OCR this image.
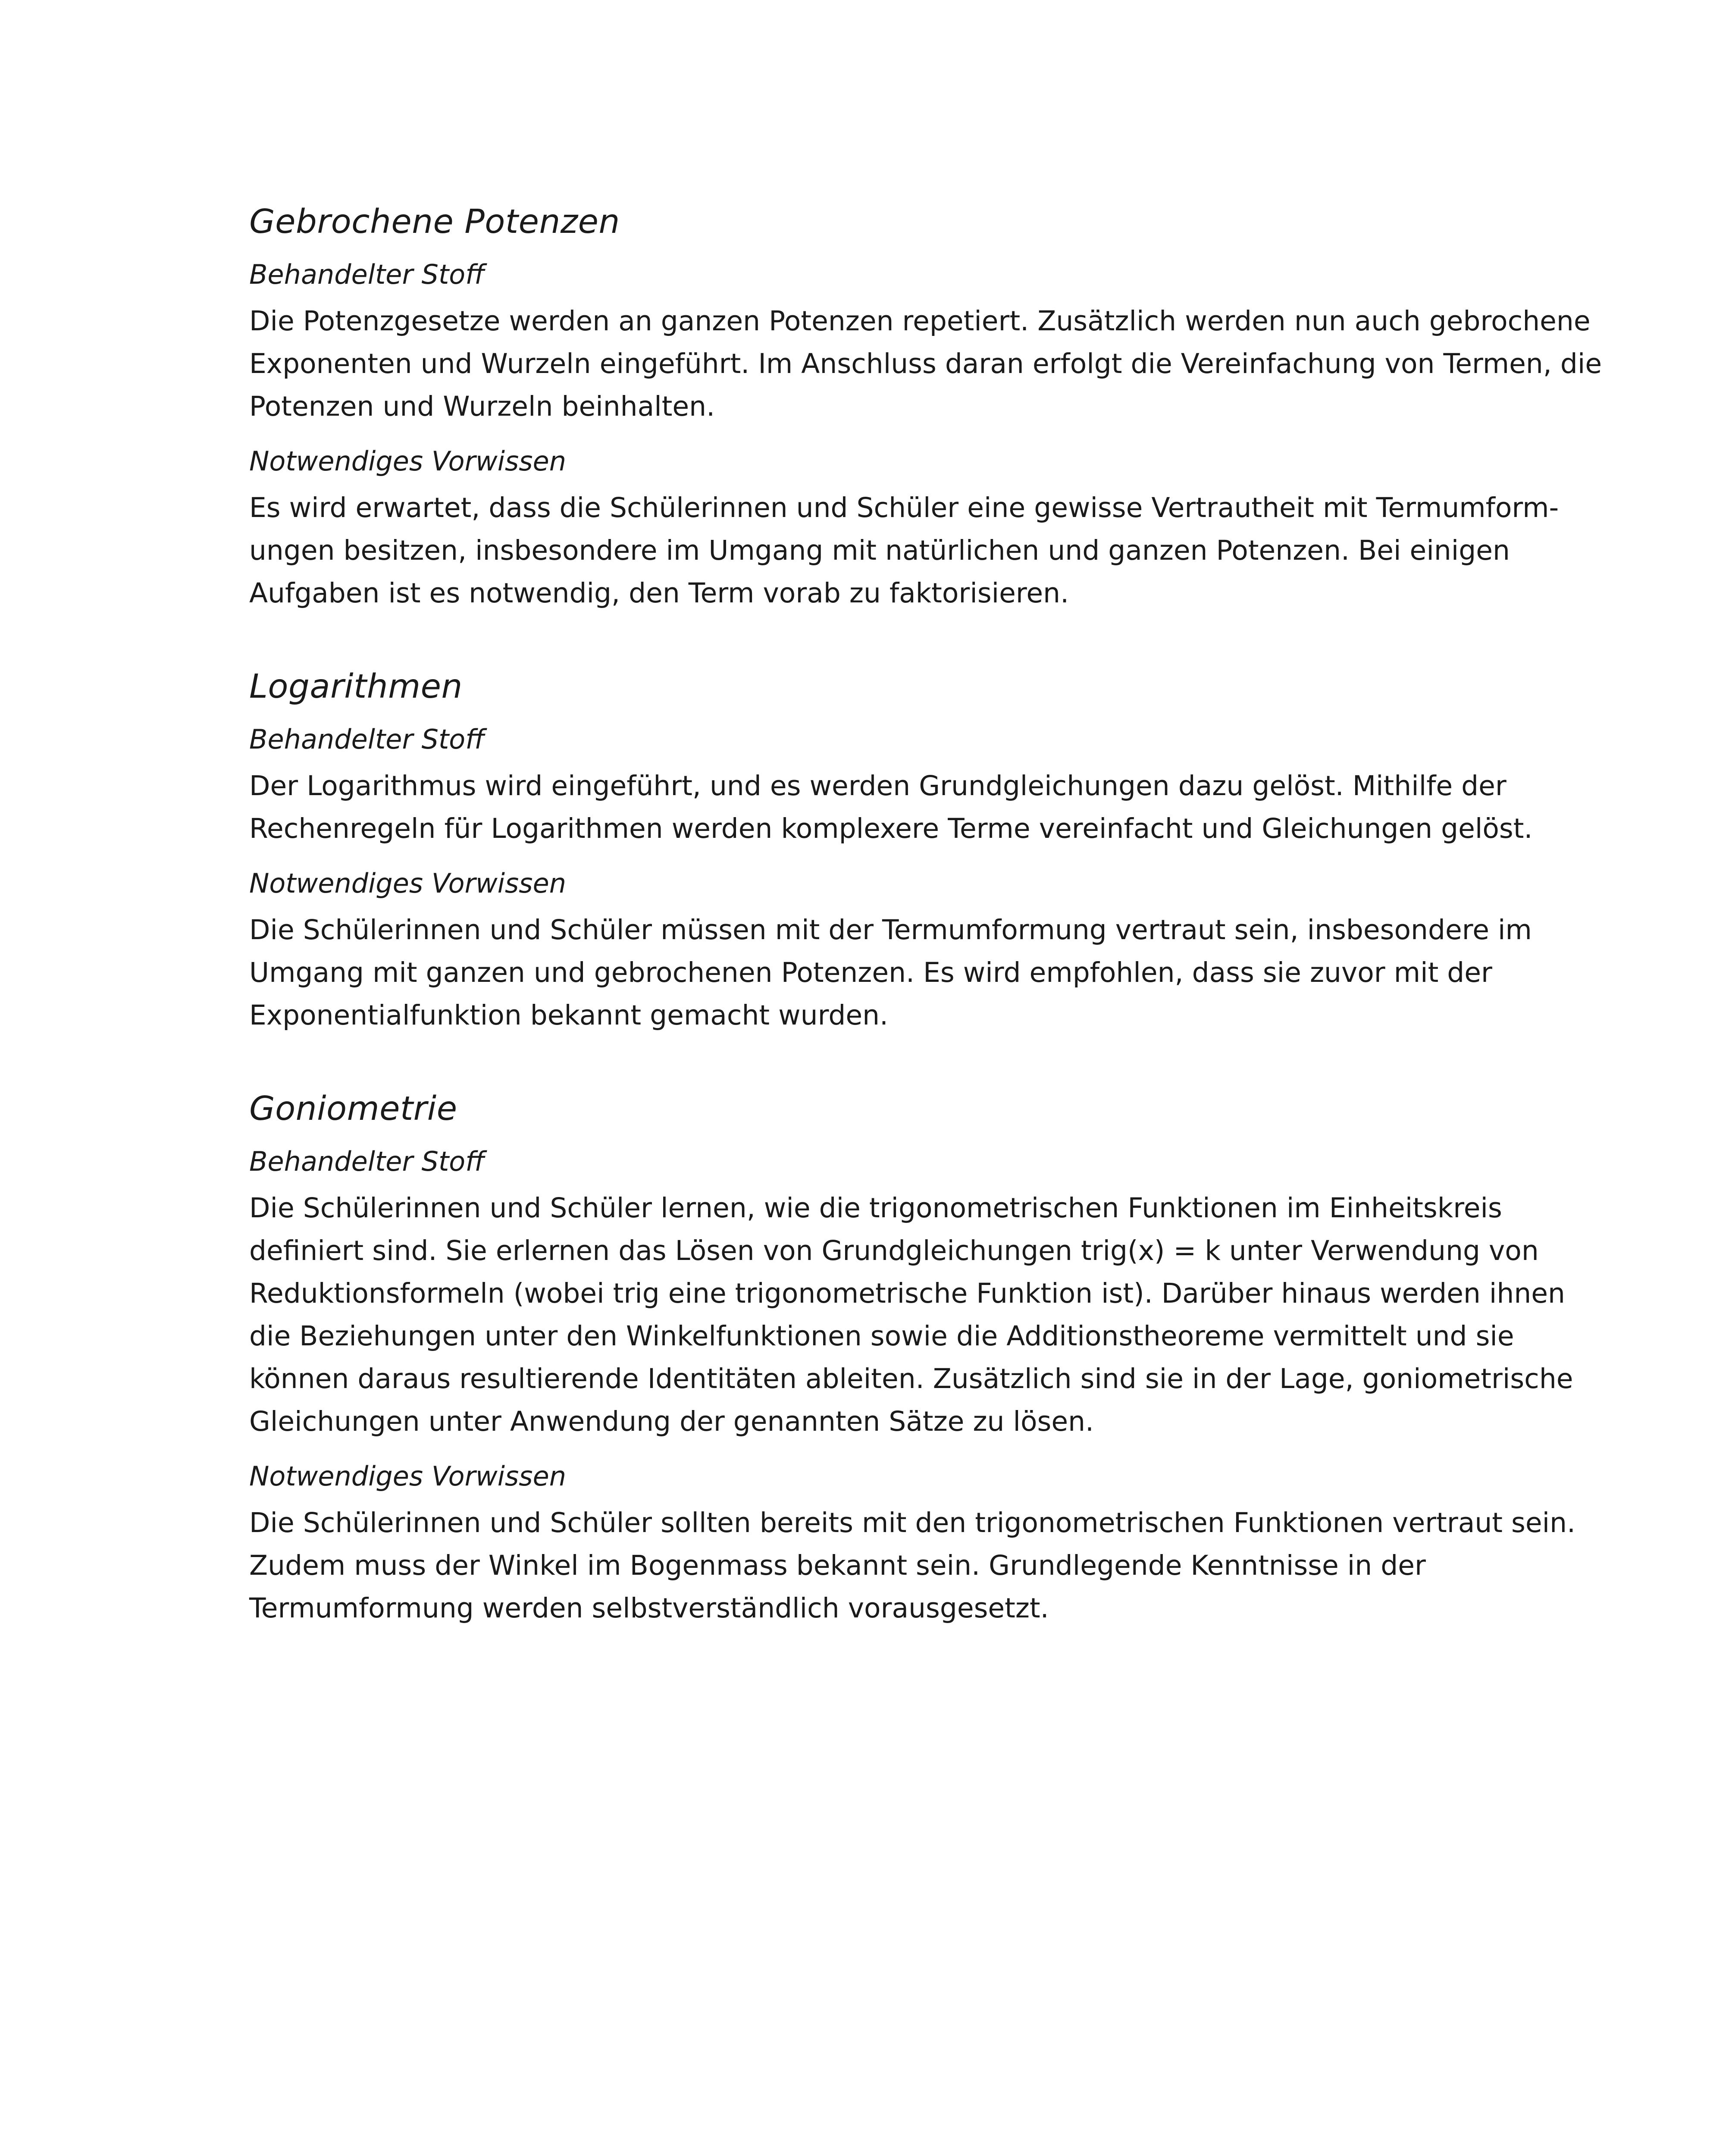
Gebrochene Potenzen
Behandelter Stoff

Die Potenzgesetze werden an ganzen Potenzen repetiert. Zusätzlich werden nun auch gebrochene
Exponenten und Wurzeln eingeführt. Im Anschluss daran erfolgt die Vereinfachung von Termen, die
Potenzen und Wurzeln beinhalten.

Notwendiges Vorwissen

Es wird erwartet, dass die Schülerinnen und Schüler eine gewisse Vertrautheit mit Termumform-
ungen besitzen, insbesondere im Umgang mit natürlichen und ganzen Potenzen. Bei einigen
Aufgaben ist es notwendig, den Term vorab zu faktorisieren.

Logarithmen
Behandelter Stoff

Der Logarithmus wird eingeführt, und es werden Grundgleichungen dazu gelöst. Mithilfe der
Rechenregeln für Logarithmen werden komplexere Terme vereinfacht und Gleichungen gelöst.

Notwendiges Vorwissen

Die Schülerinnen und Schüler müssen mit der Termumformung vertraut sein, insbesondere im
Umgang mit ganzen und gebrochenen Potenzen. Es wird empfohlen, dass sie zuvor mit der
Exponentialfunktion bekannt gemacht wurden.

Goniometrie
Behandelter Stoff

Die Schülerinnen und Schüler lernen, wie die trigonometrischen Funktionen im Einheitskreis
definiert sind. Sie erlernen das Lösen von Grundgleichungen trig(x) = k unter Verwendung von
Reduktionsformeln (wobei trig eine trigonometrische Funktion ist). Darüber hinaus werden ihnen
die Beziehungen unter den Winkelfunktionen sowie die Additionstheoreme vermittelt und sie
können daraus resultierende Identitäten ableiten. Zusätzlich sind sie in der Lage, goniometrische
Gleichungen unter Anwendung der genannten Sätze zu lösen.

Notwendiges Vorwissen

Die Schülerinnen und Schüler sollten bereits mit den trigonometrischen Funktionen vertraut sein.
Zudem muss der Winkel im Bogenmass bekannt sein. Grundlegende Kenntnisse in der
Termumformung werden selbstverständlich vorausgesetzt.
